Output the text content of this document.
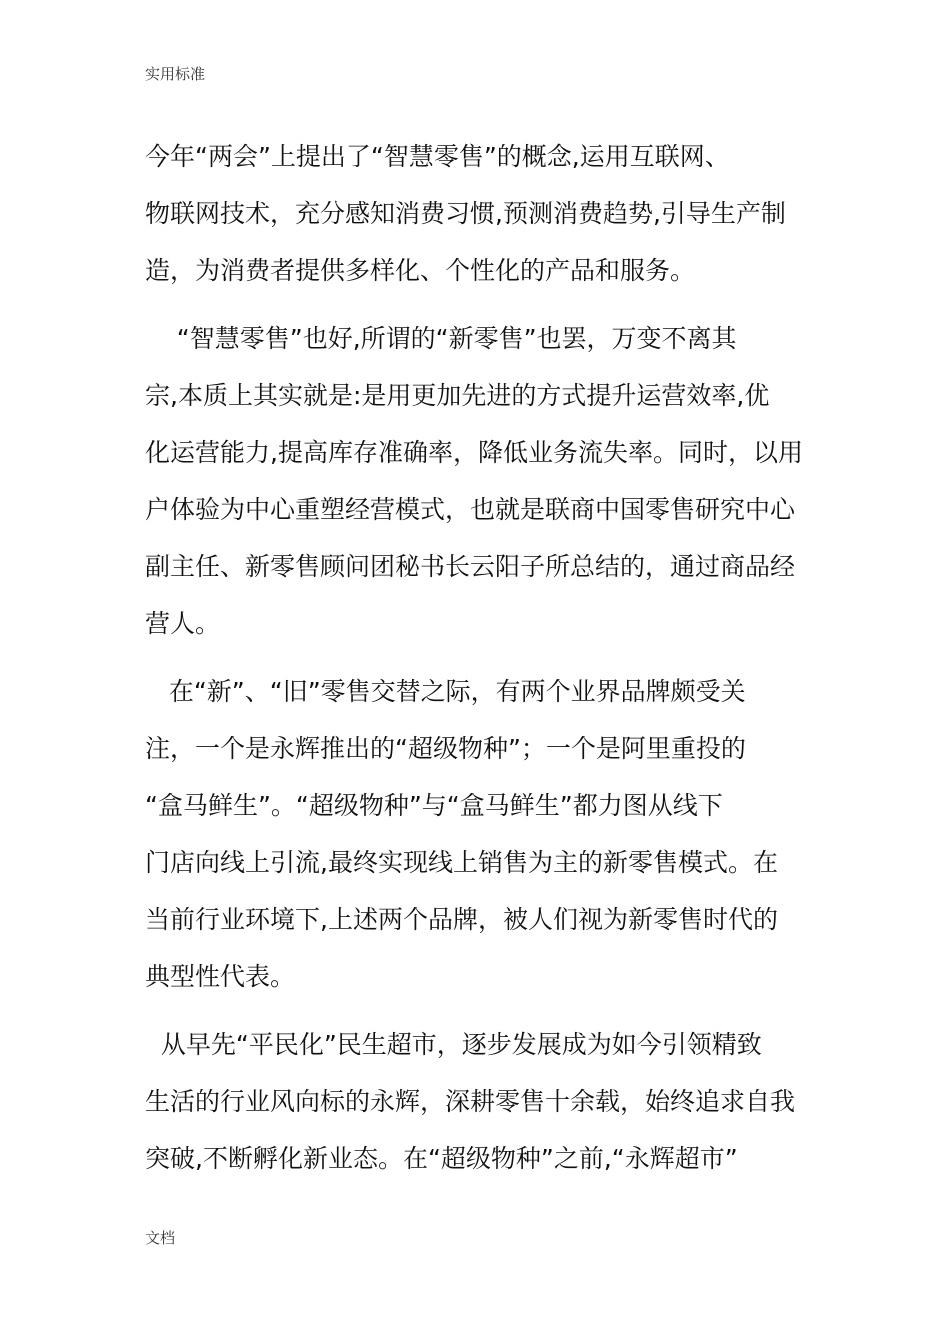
实用标准

今年“两会”上提出了“智慧零售”的概念,运用互联网、
物联网技术，充分感知消费习惯,预测消费趋势,引导生产制
造，为消费者提供多样化、个性化的产品和服务。

“智慧零售”也好,所谓的“新零售”也罢，万变不离其
宗,本质上其实就是:是用更加先进的方式提升运营效率,优
化运营能力,提高库存准确率，降低业务流失率。同时，以用
户体验为中心重塑经营模式，也就是联商中国零售研究中心
副主任、新零售顾问团秘书长云阳子所总结的，通过商品经
营人。

在“新”、“旧”零售交替之际，有两个业界品牌颇受关
注，一个是永辉推出的“超级物种”；一个是阿里重投的
“盒马鲜生”。“超级物种”与“盒马鲜生”都力图从线下
门店向线上引流,最终实现线上销售为主的新零售模式。在
当前行业环境下,上述两个品牌，被人们视为新零售时代的
典型性代表。

从早先“平民化”民生超市，逐步发展成为如今引领精致
生活的行业风向标的永辉，深耕零售十余载，始终追求自我
突破,不断孵化新业态。在“超级物种”之前,“永辉超市”

文档
